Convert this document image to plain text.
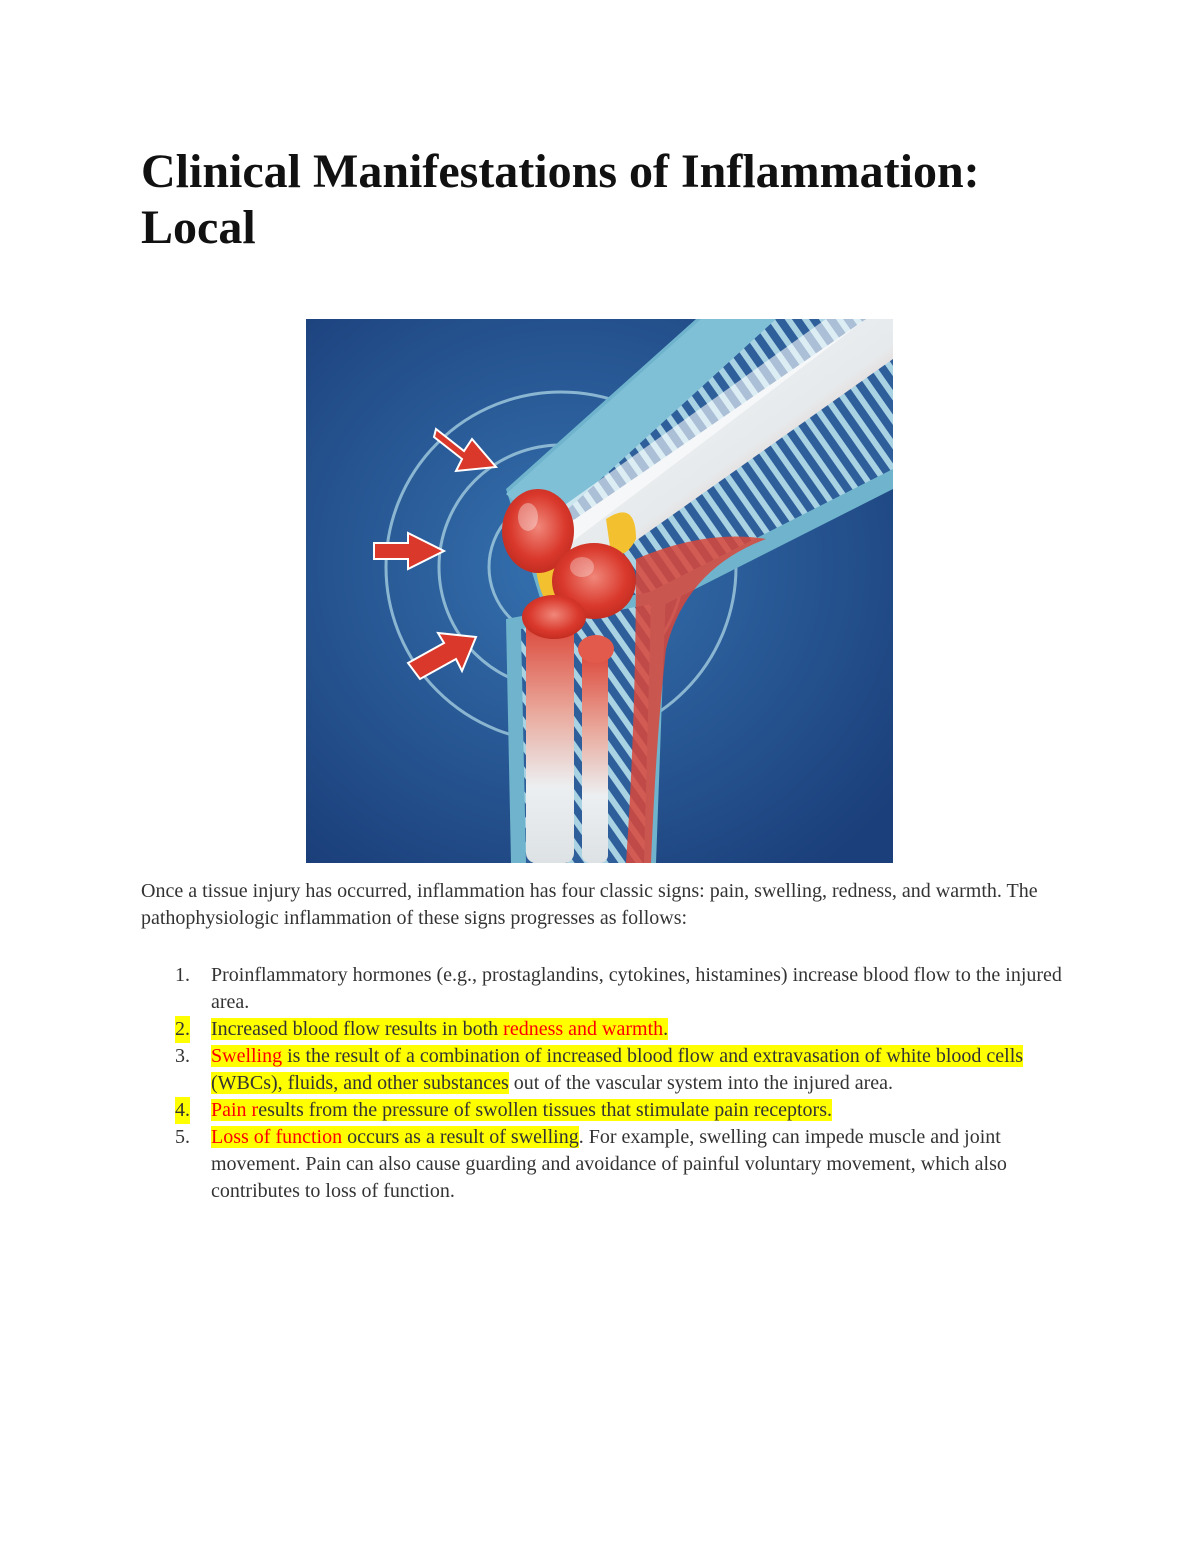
Clinical Manifestations of Inflammation: Local

Once a tissue injury has occurred, inflammation has four classic signs: pain, swelling, redness, and warmth. The pathophysiologic inflammation of these signs progresses as follows:

1. Proinflammatory hormones (e.g., prostaglandins, cytokines, histamines) increase blood flow to the injured area.
2. Increased blood flow results in both redness and warmth.
3. Swelling is the result of a combination of increased blood flow and extravasation of white blood cells (WBCs), fluids, and other substances out of the vascular system into the injured area.
4. Pain results from the pressure of swollen tissues that stimulate pain receptors.
5. Loss of function occurs as a result of swelling. For example, swelling can impede muscle and joint movement. Pain can also cause guarding and avoidance of painful voluntary movement, which also contributes to loss of function.
